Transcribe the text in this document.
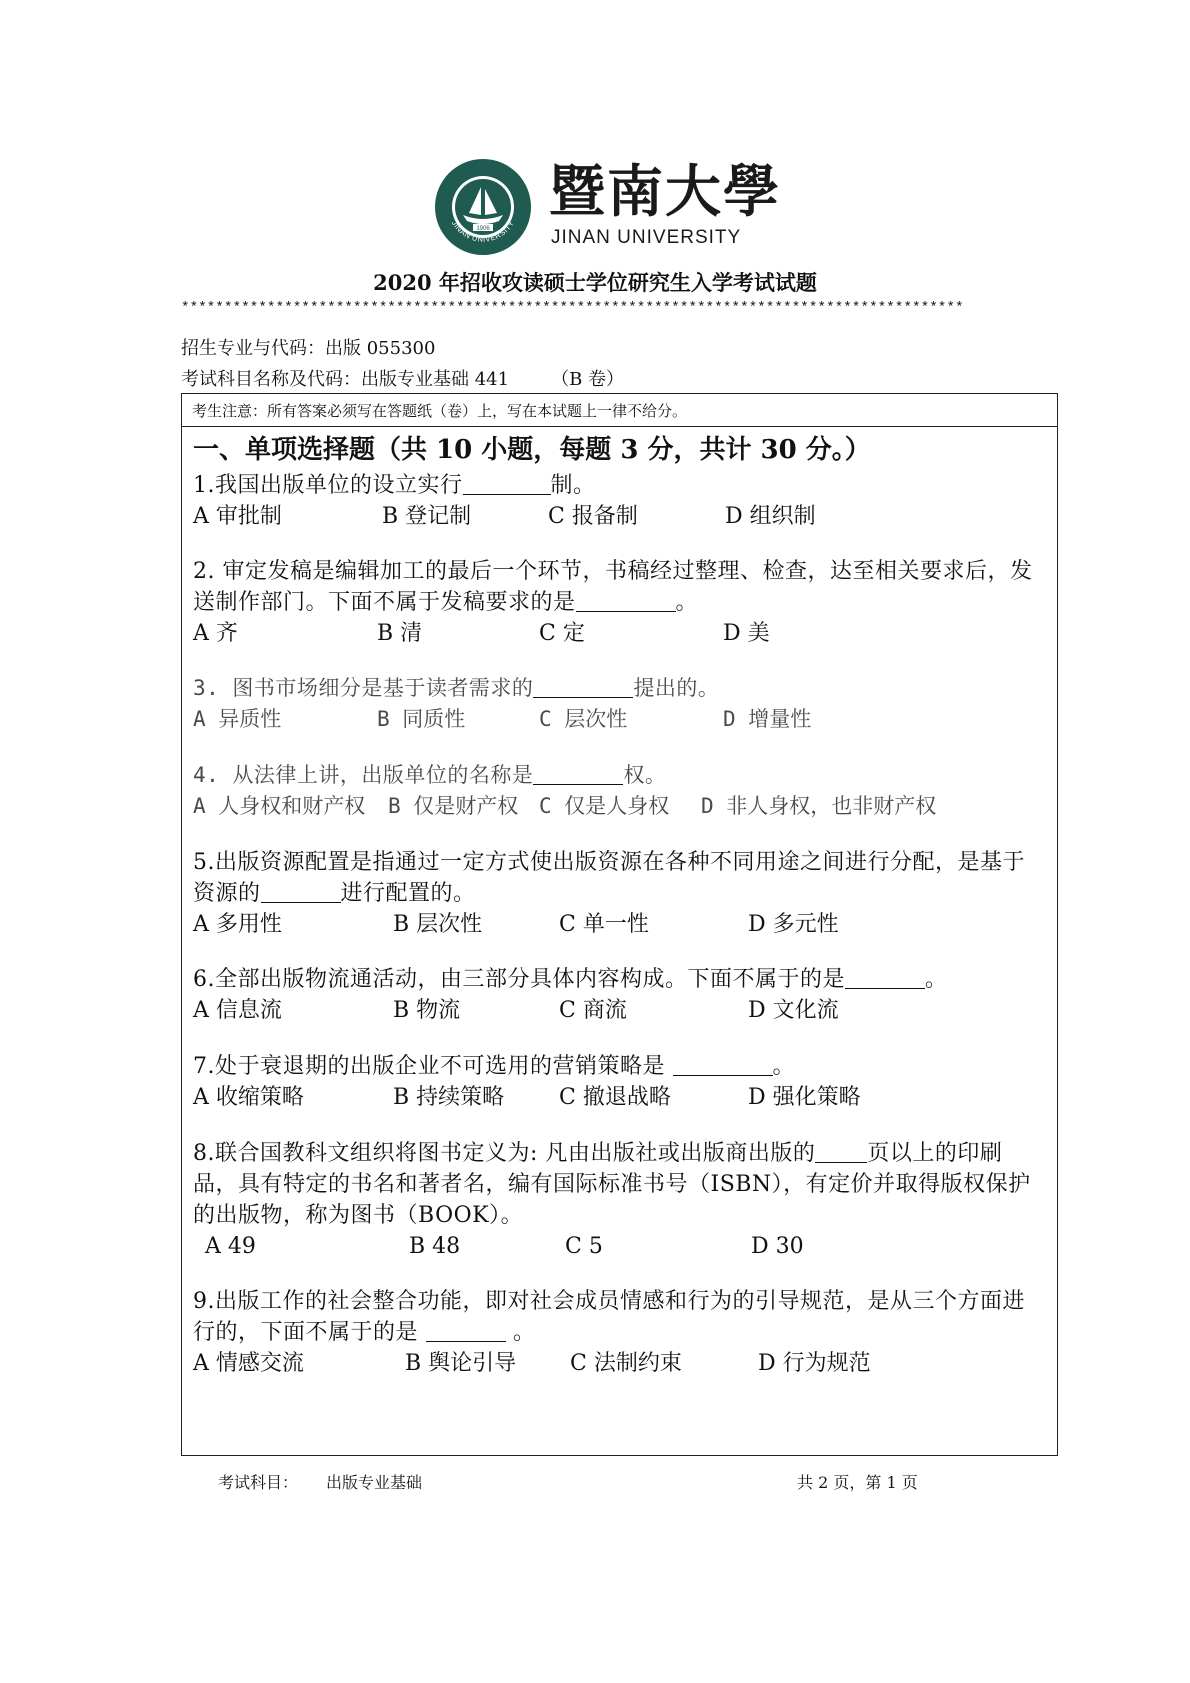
1906
JINAN UNIVERSITY 暨南大學
JINAN UNIVERSITY
2020 年招收攻读硕士学位研究生入学考试试题
*******************************************************************************************
招生专业与代码：出版 055300
考试科目名称及代码：出版专业基础 441 （B 卷）
考生注意：所有答案必须写在答题纸（卷）上，写在本试题上一律不给分。
一、单项选择题（共 10 小题，每题 3 分，共计 30 分。）

1.我国出版单位的设立实行	制。

A 审批制	B 登记制	C 报备制	D 组织制

2. 审定发稿是编辑加工的最后一个环节，书稿经过整理、检查，达至相关要求后，发送制作部门。下面不属于发稿要求的是	。

A 齐	B 清	C 定	D 美

3. 图书市场细分是基于读者需求的	提出的。

A 异质性	B 同质性	C 层次性	D 增量性

4. 从法律上讲，出版单位的名称是	权。

A 人身权和财产权 B 仅是财产权 C 仅是人身权 D 非人身权，也非财产权

5.出版资源配置是指通过一定方式使出版资源在各种不同用途之间进行分配，是基于资源的	进行配置的。

A 多用性	B 层次性	C 单一性	D 多元性

6.全部出版物流通活动，由三部分具体内容构成。下面不属于的是	。

A 信息流	B 物流	C 商流	D 文化流

7.处于衰退期的出版企业不可选用的营销策略是	。

A 收缩策略	B 持续策略 C 撤退战略	D 强化策略

8.联合国教科文组织将图书定义为: 凡由出版社或出版商出版的 页以上的印刷品，具有特定的书名和著者名，编有国际标准书号（ISBN），有定价并取得版权保护的出版物，称为图书（BOOK）。

A 49	B 48	C 5	D 30

9.出版工作的社会整合功能，即对社会成员情感和行为的引导规范，是从三个方面进行的，下面不属于的是	。

A 情感交流	B 舆论引导 C 法制约束	D 行为规范
考试科目： 出版专业基础	共 2 页，第 1 页
